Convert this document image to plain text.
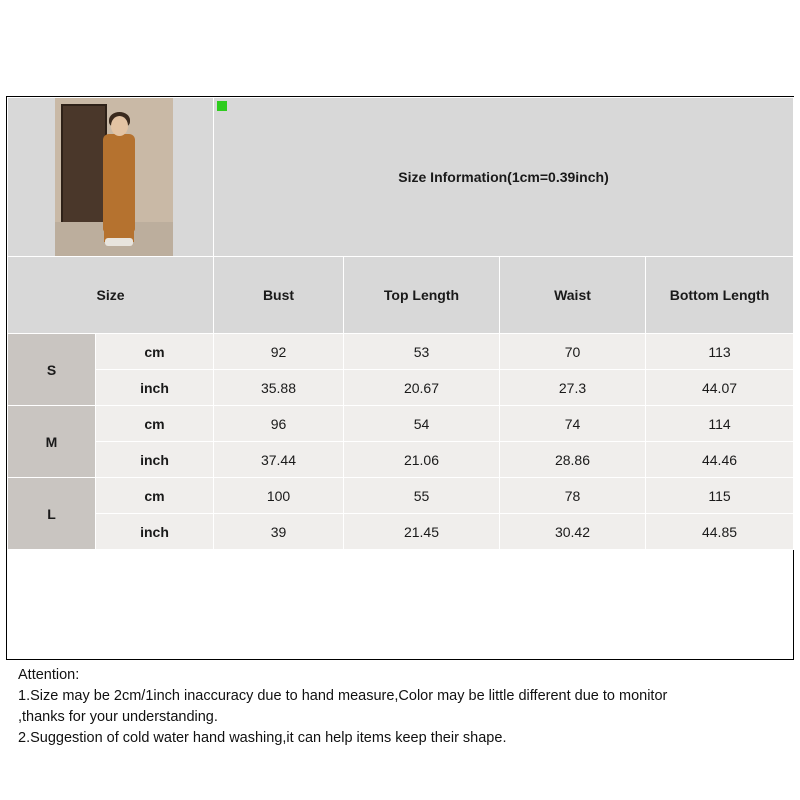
Size Information(1cm=0.39inch)			
Size		Bust	Top Length	Waist	Bottom Length
S	cm	92	53	70	113
	inch	35.88	20.67	27.3	44.07
M	cm	96	54	74	114
	inch	37.44	21.06	28.86	44.46
L	cm	100	55	78	115
	inch	39	21.45	30.42	44.85

Attention:

1.Size may be 2cm/1inch inaccuracy due to hand measure,Color may be little different due to monitor

,thanks for your understanding.

2.Suggestion of cold water hand washing,it can help items keep their shape.
